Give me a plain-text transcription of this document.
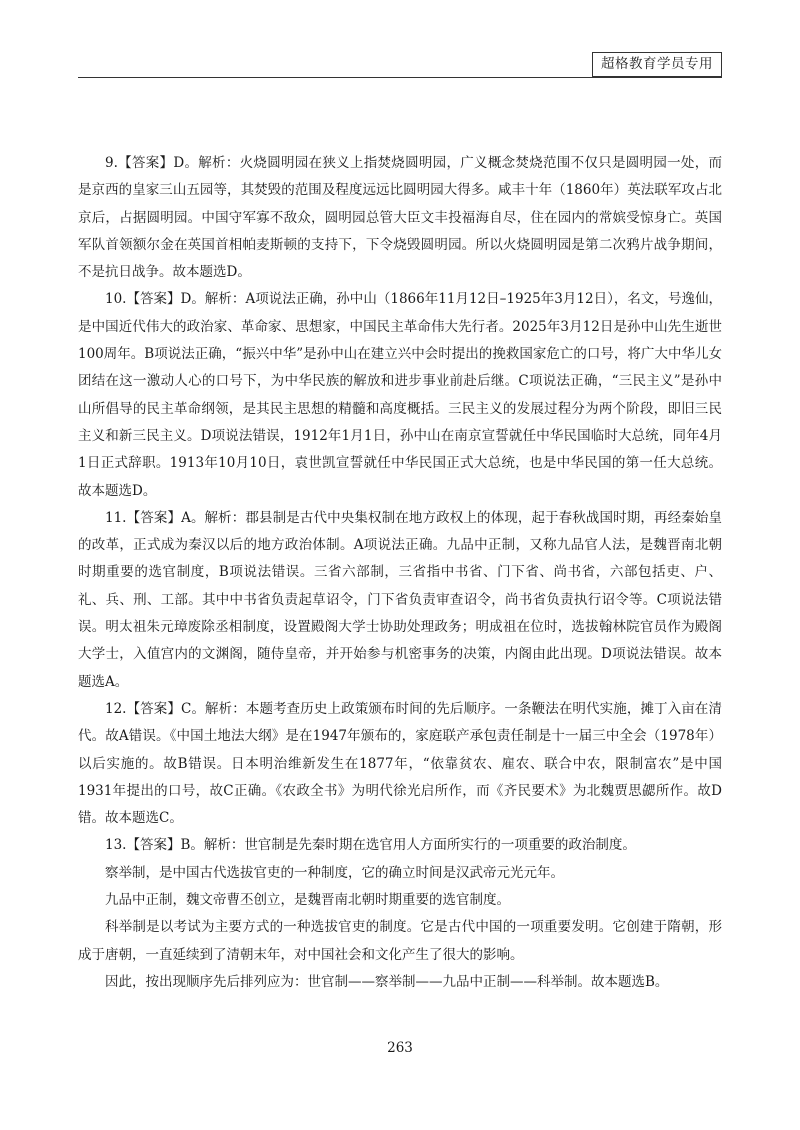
超格教育学员专用

9.【答案】D。解析：火烧圆明园在狭义上指焚烧圆明园，广义概念焚烧范围不仅只是圆明园一处，而是京西的皇家三山五园等，其焚毁的范围及程度远远比圆明园大得多。咸丰十年（1860年）英法联军攻占北京后，占据圆明园。中国守军寡不敌众，圆明园总管大臣文丰投福海自尽，住在园内的常嫔受惊身亡。英国军队首领额尔金在英国首相帕麦斯顿的支持下，下令烧毁圆明园。所以火烧圆明园是第二次鸦片战争期间，不是抗日战争。故本题选D。

10.【答案】D。解析：A项说法正确，孙中山（1866年11月12日–1925年3月12日），名文，号逸仙，是中国近代伟大的政治家、革命家、思想家，中国民主革命伟大先行者。2025年3月12日是孙中山先生逝世100周年。B项说法正确，“振兴中华”是孙中山在建立兴中会时提出的挽救国家危亡的口号，将广大中华儿女团结在这一激动人心的口号下，为中华民族的解放和进步事业前赴后继。C项说法正确，“三民主义”是孙中山所倡导的民主革命纲领，是其民主思想的精髓和高度概括。三民主义的发展过程分为两个阶段，即旧三民主义和新三民主义。D项说法错误，1912年1月1日，孙中山在南京宣誓就任中华民国临时大总统，同年4月1日正式辞职。1913年10月10日，袁世凯宣誓就任中华民国正式大总统，也是中华民国的第一任大总统。故本题选D。

11.【答案】A。解析：郡县制是古代中央集权制在地方政权上的体现，起于春秋战国时期，再经秦始皇的改革，正式成为秦汉以后的地方政治体制。A项说法正确。九品中正制，又称九品官人法，是魏晋南北朝时期重要的选官制度，B项说法错误。三省六部制，三省指中书省、门下省、尚书省，六部包括吏、户、礼、兵、刑、工部。其中中书省负责起草诏令，门下省负责审查诏令，尚书省负责执行诏令等。C项说法错误。明太祖朱元璋废除丞相制度，设置殿阁大学士协助处理政务；明成祖在位时，选拔翰林院官员作为殿阁大学士，入值宫内的文渊阁，随侍皇帝，并开始参与机密事务的决策，内阁由此出现。D项说法错误。故本题选A。

12.【答案】C。解析：本题考查历史上政策颁布时间的先后顺序。一条鞭法在明代实施，摊丁入亩在清代。故A错误。《中国土地法大纲》是在1947年颁布的，家庭联产承包责任制是十一届三中全会（1978年）以后实施的。故B错误。日本明治维新发生在1877年，“依靠贫农、雇农、联合中农，限制富农”是中国1931年提出的口号，故C正确。《农政全书》为明代徐光启所作，而《齐民要术》为北魏贾思勰所作。故D错。故本题选C。

13.【答案】B。解析：世官制是先秦时期在选官用人方面所实行的一项重要的政治制度。

察举制，是中国古代选拔官吏的一种制度，它的确立时间是汉武帝元光元年。

九品中正制，魏文帝曹丕创立，是魏晋南北朝时期重要的选官制度。

科举制是以考试为主要方式的一种选拔官吏的制度。它是古代中国的一项重要发明。它创建于隋朝，形成于唐朝，一直延续到了清朝末年，对中国社会和文化产生了很大的影响。

因此，按出现顺序先后排列应为：世官制——察举制——九品中正制——科举制。故本题选B。

263
